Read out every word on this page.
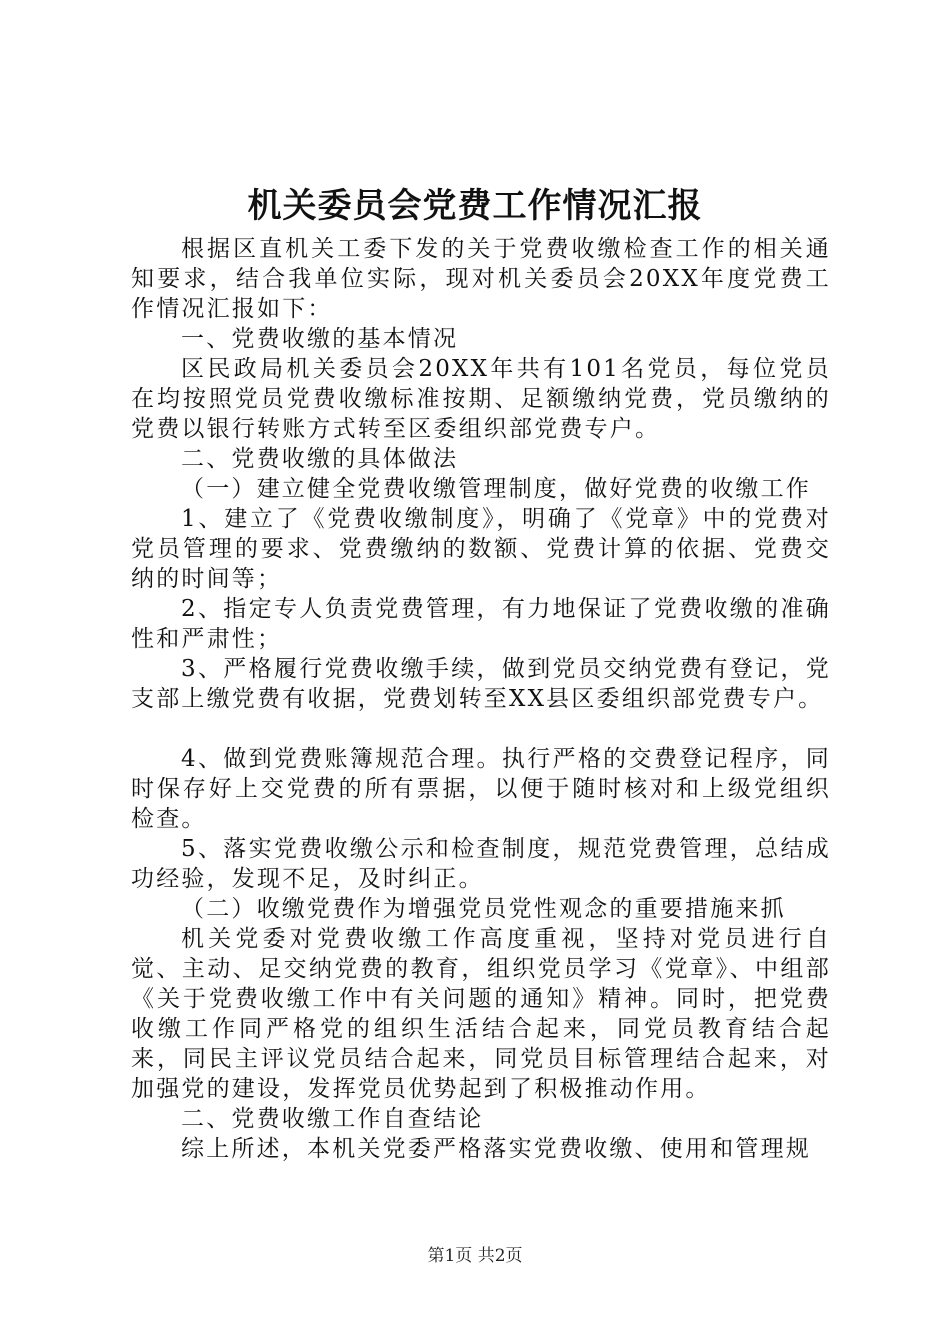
机关委员会党费工作情况汇报

根据区直机关工委下发的关于党费收缴检查工作的相关通知要求，结合我单位实际，现对机关委员会20XX年度党费工作情况汇报如下：

一、党费收缴的基本情况

区民政局机关委员会20XX年共有101名党员，每位党员在均按照党员党费收缴标准按期、足额缴纳党费，党员缴纳的党费以银行转账方式转至区委组织部党费专户。

二、党费收缴的具体做法

（一）建立健全党费收缴管理制度，做好党费的收缴工作

1、建立了《党费收缴制度》，明确了《党章》中的党费对党员管理的要求、党费缴纳的数额、党费计算的依据、党费交纳的时间等；

2、指定专人负责党费管理，有力地保证了党费收缴的准确性和严肃性；

3、严格履行党费收缴手续，做到党员交纳党费有登记，党支部上缴党费有收据，党费划转至XX县区委组织部党费专户。

4、做到党费账簿规范合理。执行严格的交费登记程序，同时保存好上交党费的所有票据，以便于随时核对和上级党组织检查。

5、落实党费收缴公示和检查制度，规范党费管理，总结成功经验，发现不足，及时纠正。

（二）收缴党费作为增强党员党性观念的重要措施来抓

机关党委对党费收缴工作高度重视，坚持对党员进行自觉、主动、足交纳党费的教育，组织党员学习《党章》、中组部《关于党费收缴工作中有关问题的通知》精神。同时，把党费收缴工作同严格党的组织生活结合起来，同党员教育结合起来，同民主评议党员结合起来，同党员目标管理结合起来，对加强党的建设，发挥党员优势起到了积极推动作用。

二、党费收缴工作自查结论

综上所述，本机关党委严格落实党费收缴、使用和管理规

第1页 共2页
